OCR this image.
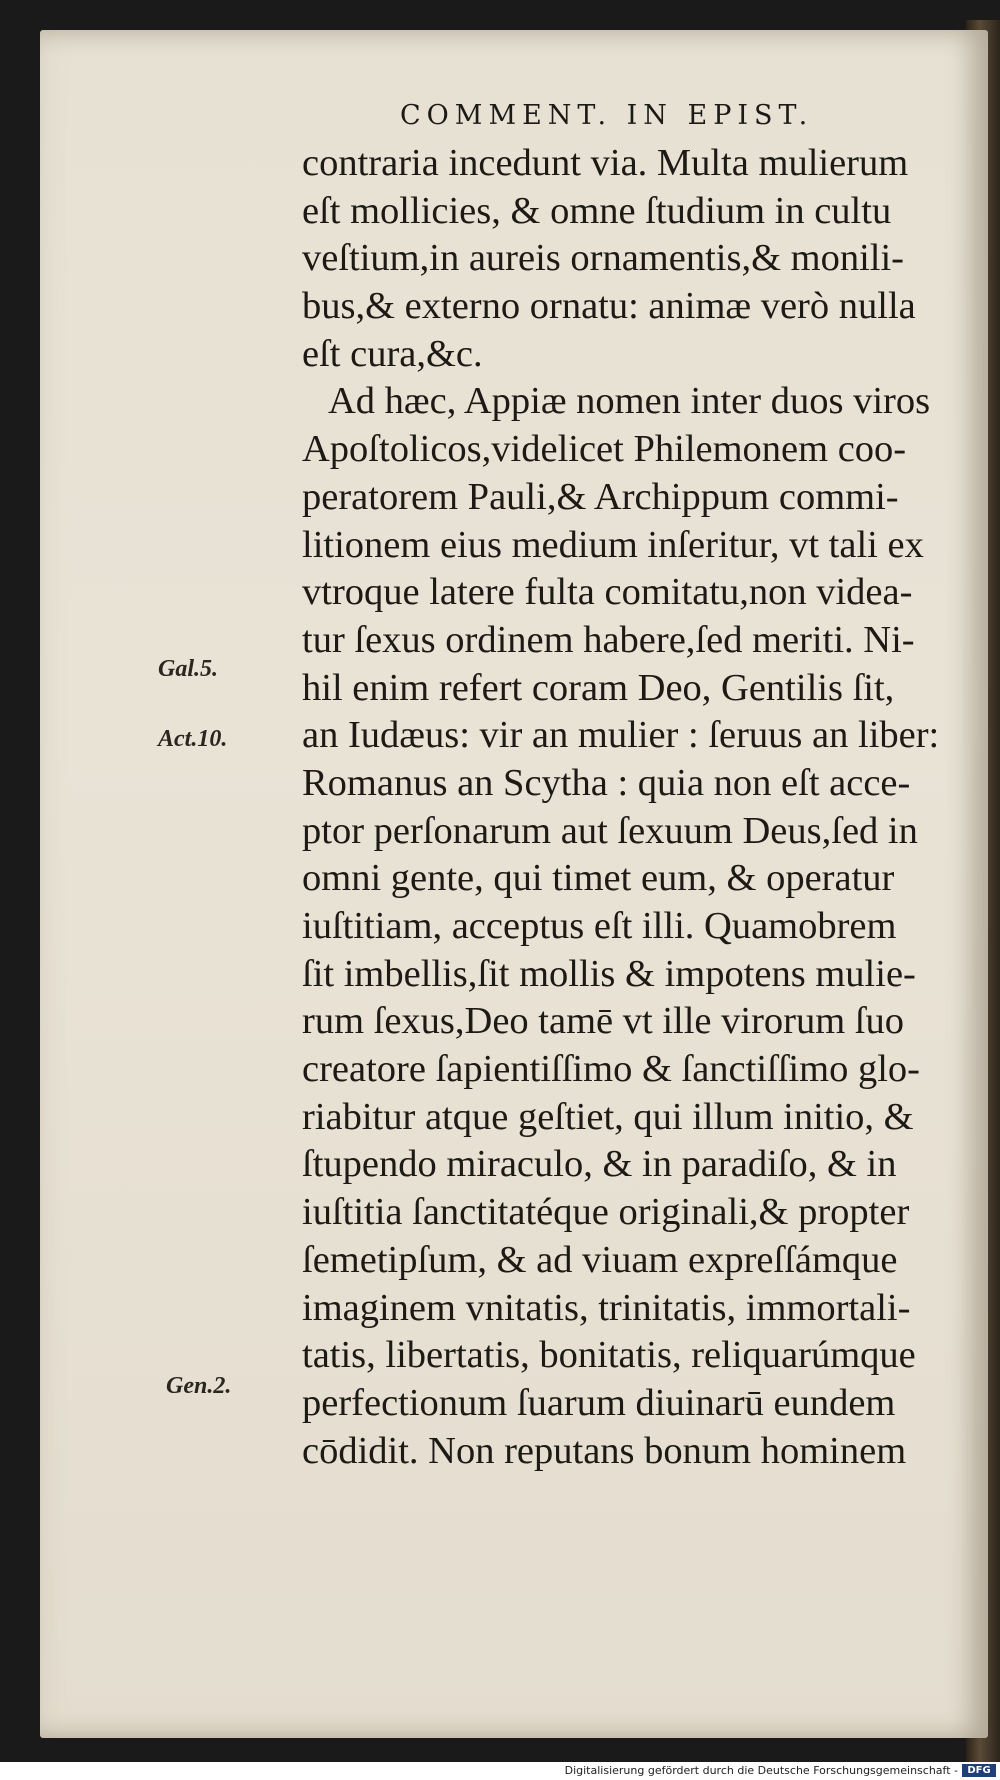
COMMENT. IN EPIST.
Gal.5.
Act.10.
Gen.2.
contraria incedunt via. Multa mulierum
eſt mollicies, & omne ſtudium in cultu
veſtium,in aureis ornamentis,& monili-
bus,& externo ornatu: animæ verò nulla
eſt cura,&c.
Ad hæc, Appiæ nomen inter duos viros
Apoſtolicos,videlicet Philemonem coo-
peratorem Pauli,& Archippum commi-
litionem eius medium inſeritur, vt tali ex
vtroque latere fulta comitatu,non videa-
tur ſexus ordinem habere,ſed meriti. Ni-
hil enim refert coram Deo, Gentilis ſit,
an Iudæus: vir an mulier : ſeruus an liber:
Romanus an Scytha : quia non eſt acce-
ptor perſonarum aut ſexuum Deus,ſed in
omni gente, qui timet eum, & operatur
iuſtitiam, acceptus eſt illi. Quamobrem
ſit imbellis,ſit mollis & impotens mulie-
rum ſexus,Deo tamē vt ille virorum ſuo
creatore ſapientiſſimo & ſanctiſſimo glo-
riabitur atque geſtiet, qui illum initio, &
ſtupendo miraculo, & in paradiſo, & in
iuſtitia ſanctitatéque originali,& propter
ſemetipſum, & ad viuam expreſſámque
imaginem vnitatis, trinitatis, immortali-
tatis, libertatis, bonitatis, reliquarúmque
perfectionum ſuarum diuinarū eundem
cōdidit. Non reputans bonum hominem
Digitalisierung gefördert durch die Deutsche Forschungsgemeinschaft - DFG
